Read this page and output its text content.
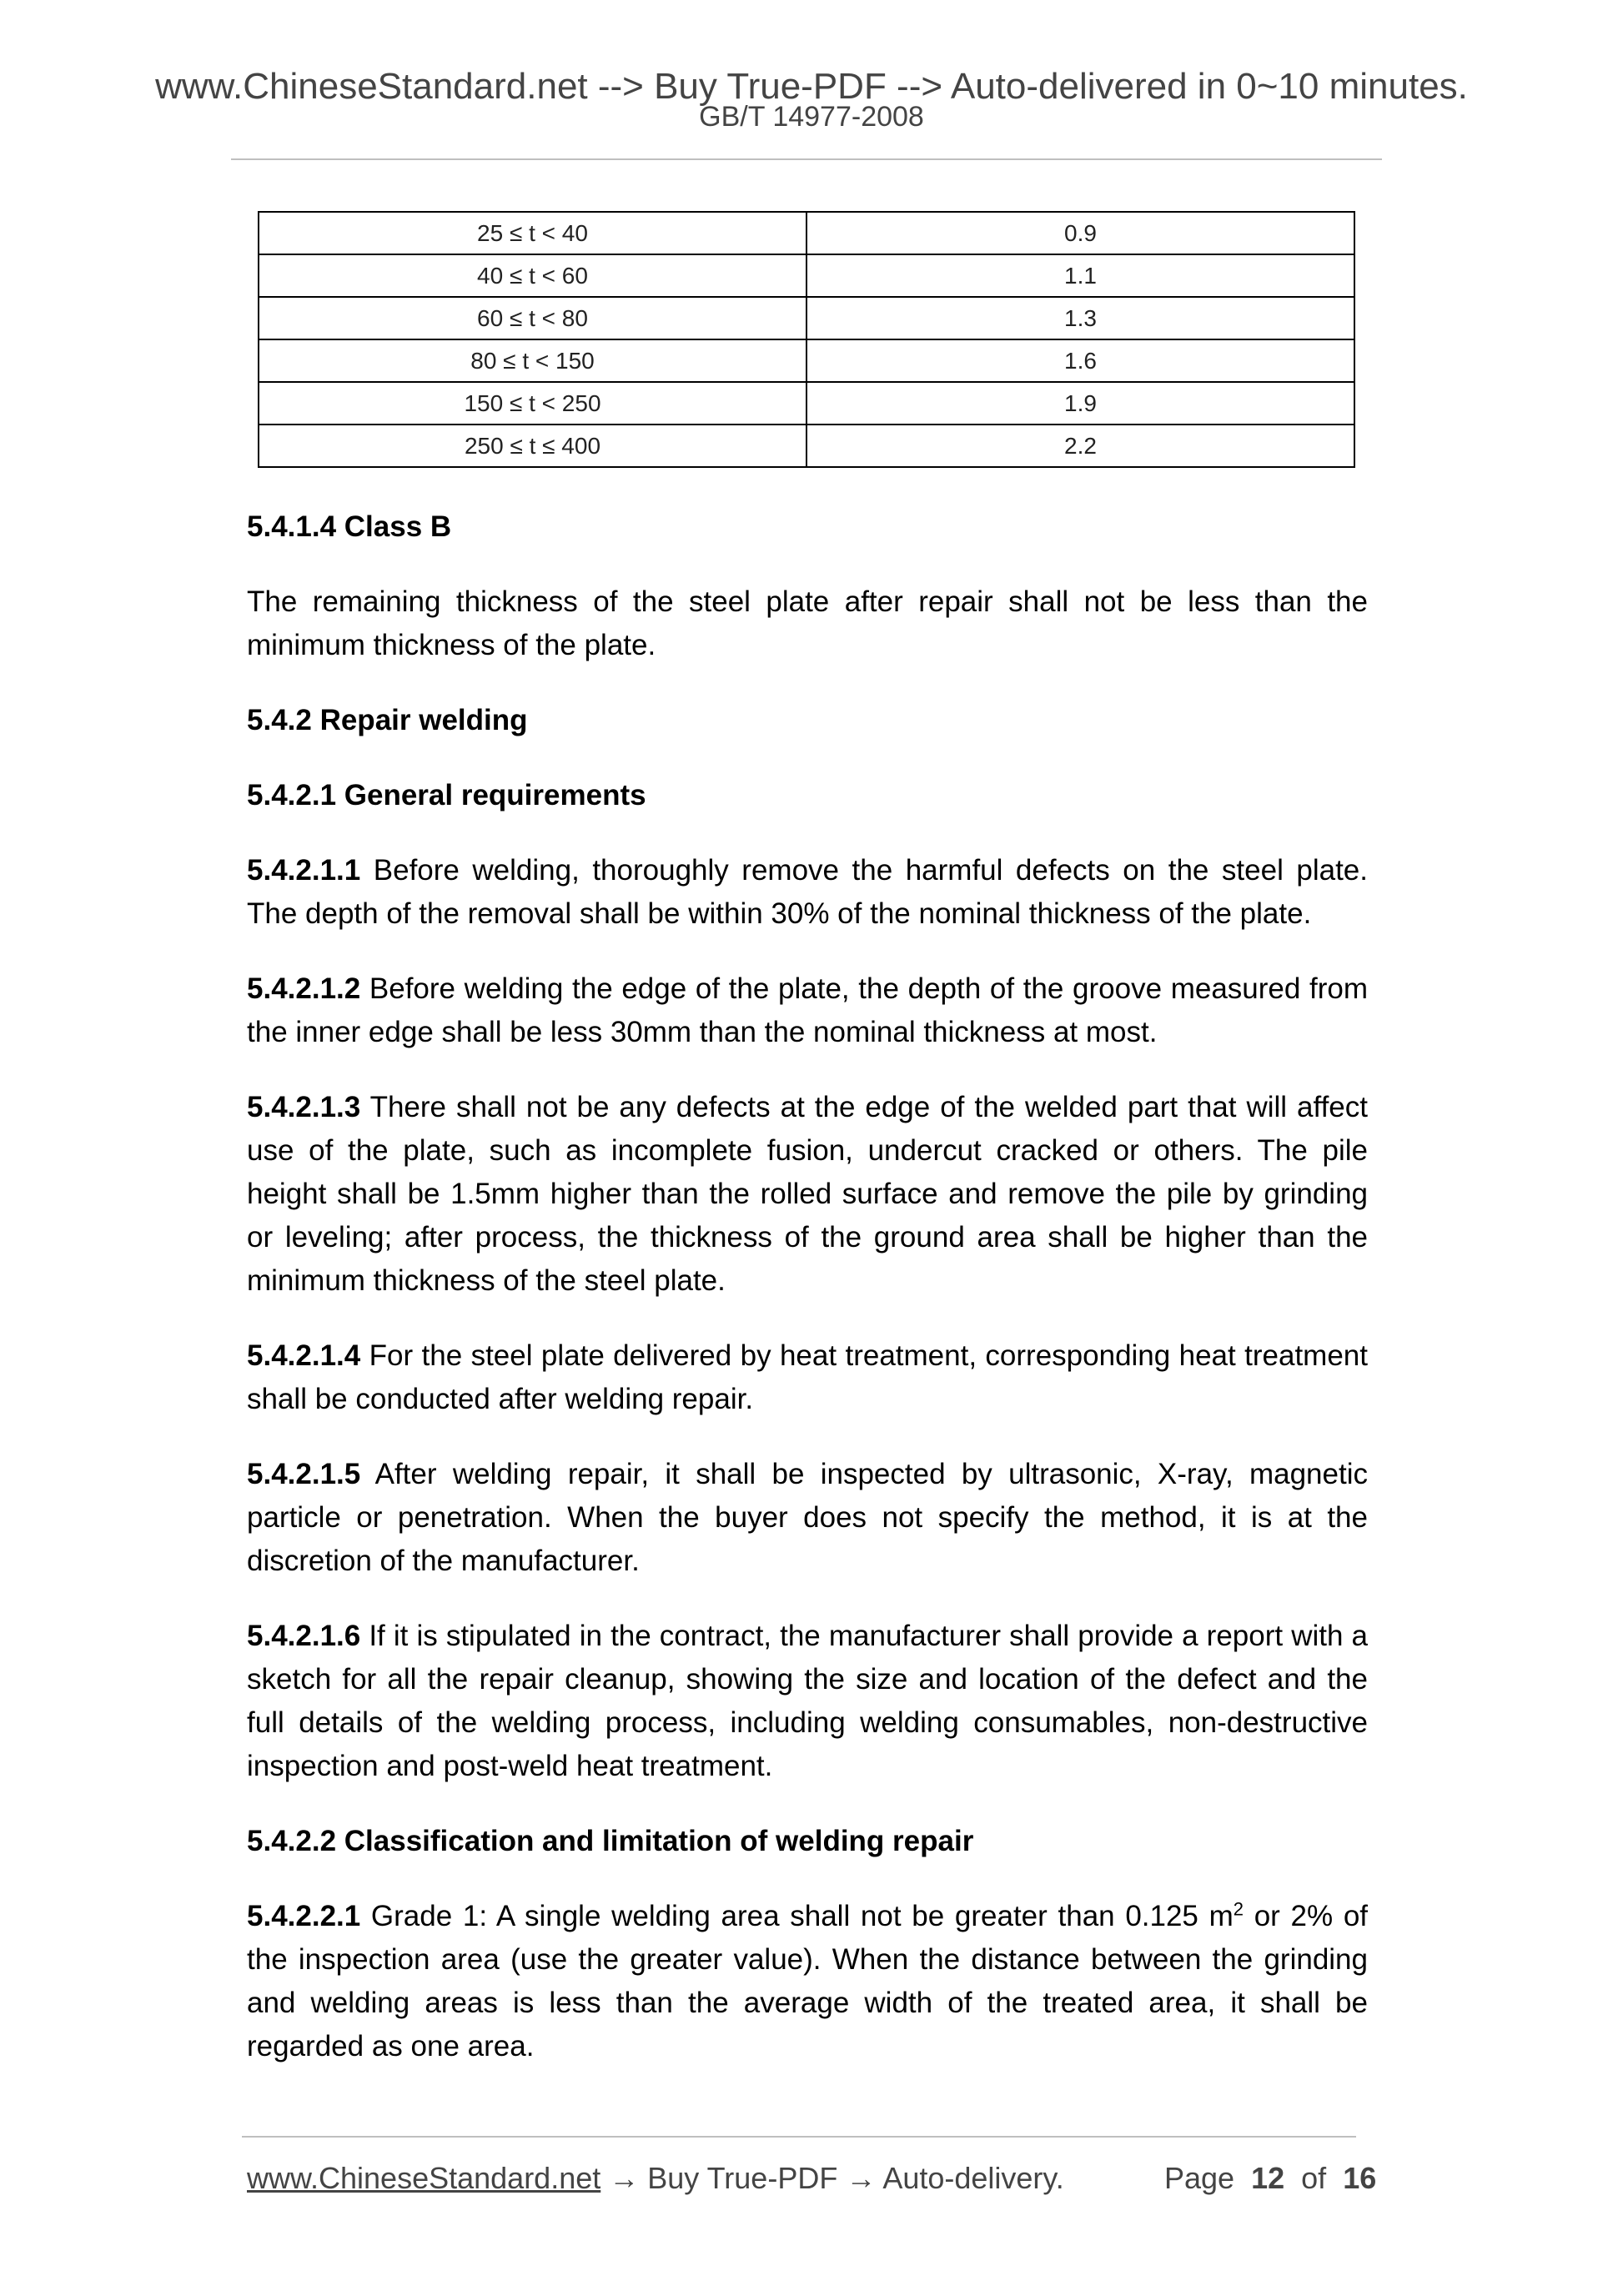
www.ChineseStandard.net --> Buy True-PDF --> Auto-delivered in 0~10 minutes.
GB/T 14977-2008
25 ≤ t < 40	0.9
40 ≤ t < 60	1.1
60 ≤ t < 80	1.3
80 ≤ t < 150	1.6
150 ≤ t < 250	1.9
250 ≤ t ≤ 400	2.2

5.4.1.4 Class B

The remaining thickness of the steel plate after repair shall not be less than the minimum thickness of the plate.

5.4.2 Repair welding

5.4.2.1 General requirements

5.4.2.1.1 Before welding, thoroughly remove the harmful defects on the steel plate. The depth of the removal shall be within 30% of the nominal thickness of the plate.

5.4.2.1.2 Before welding the edge of the plate, the depth of the groove measured from the inner edge shall be less 30mm than the nominal thickness at most.

5.4.2.1.3 There shall not be any defects at the edge of the welded part that will affect use of the plate, such as incomplete fusion, undercut cracked or others. The pile height shall be 1.5mm higher than the rolled surface and remove the pile by grinding or leveling; after process, the thickness of the ground area shall be higher than the minimum thickness of the steel plate.

5.4.2.1.4 For the steel plate delivered by heat treatment, corresponding heat treatment shall be conducted after welding repair.

5.4.2.1.5 After welding repair, it shall be inspected by ultrasonic, X-ray, magnetic particle or penetration. When the buyer does not specify the method, it is at the discretion of the manufacturer.

5.4.2.1.6 If it is stipulated in the contract, the manufacturer shall provide a report with a sketch for all the repair cleanup, showing the size and location of the defect and the full details of the welding process, including welding consumables, non-destructive inspection and post-weld heat treatment.

5.4.2.2 Classification and limitation of welding repair

5.4.2.2.1 Grade 1: A single welding area shall not be greater than 0.125 $m^2$ or 2% of the inspection area (use the greater value). When the distance between the grinding and welding areas is less than the average width of the treated area, it shall be regarded as one area.

www.ChineseStandard.net → Buy True-PDF → Auto-delivery.	Page 12 of 16
